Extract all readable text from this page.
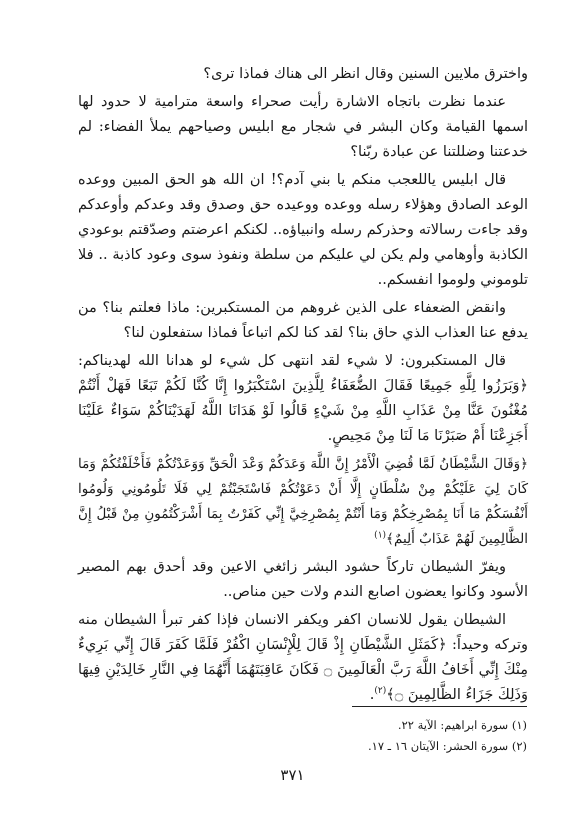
واخترق ملايين السنين وقال انظر الى هناك فماذا ترى؟

عندما نظرت باتجاه الاشارة رأيت صحراء واسعة مترامية لا حدود لها اسمها القيامة وكان البشر في شجار مع ابليس وصياحهم يملأ الفضاء: لم خدعتنا وضللتنا عن عبادة ربّنا؟

قال ابليس ياللعجب منكم يا بني آدم؟! ان الله هو الحق المبين ووعده الوعد الصادق وهؤلاء رسله ووعده ووعيده حق وصدق وقد وعدكم وأوعدكم وقد جاءت رسالاته وحذركم رسله وانبياؤه.. لكنكم اعرضتم وصدّقتم بوعودي الكاذبة وأوهامي ولم يكن لي عليكم من سلطة ونفوذ سوى وعود كاذبة .. فلا تلوموني ولوموا انفسكم..

وانقض الضعفاء على الذين غروهم من المستكبرين: ماذا فعلتم بنا؟ من يدفع عنا العذاب الذي حاق بنا؟ لقد كنا لكم اتباعاً فماذا ستفعلون لنا؟

قال المستكبرون: لا شيء لقد انتهى كل شيء لو هدانا الله لهديناكم: ﴿وَبَرَزُوا لِلَّهِ جَمِيعًا فَقَالَ الضُّعَفَاءُ لِلَّذِينَ اسْتَكْبَرُوا إِنَّا كُنَّا لَكُمْ تَبَعًا فَهَلْ أَنْتُمْ مُغْنُونَ عَنَّا مِنْ عَذَابِ اللَّهِ مِنْ شَيْءٍ قَالُوا لَوْ هَدَانَا اللَّهُ لَهَدَيْنَاكُمْ سَوَاءٌ عَلَيْنَا أَجَزِعْنَا أَمْ صَبَرْنَا مَا لَنَا مِنْ مَحِيصٍ.

﴿وَقَالَ الشَّيْطَانُ لَمَّا قُضِيَ الْأَمْرُ إِنَّ اللَّهَ وَعَدَكُمْ وَعْدَ الْحَقِّ وَوَعَدْتُكُمْ فَأَخْلَفْتُكُمْ وَمَا كَانَ لِيَ عَلَيْكُمْ مِنْ سُلْطَانٍ إِلَّا أَنْ دَعَوْتُكُمْ فَاسْتَجَبْتُمْ لِي فَلَا تَلُومُونِي وَلُومُوا أَنْفُسَكُمْ مَا أَنَا بِمُصْرِخِكُمْ وَمَا أَنْتُمْ بِمُصْرِخِيَّ إِنِّي كَفَرْتُ بِمَا أَشْرَكْتُمُونِ مِنْ قَبْلُ إِنَّ الظَّالِمِينَ لَهُمْ عَذَابٌ أَلِيمٌ﴾$^{(١)}$

ويفرّ الشيطان تاركاً حشود البشر زائغي الاعين وقد أحدق بهم المصير الأسود وكانوا يعضون اصابع الندم ولات حين مناص..

الشيطان يقول للانسان اكفر ويكفر الانسان فإذا كفر تبرأ الشيطان منه وتركه وحيداً: ﴿كَمَثَلِ الشَّيْطَانِ إِذْ قَالَ لِلْإِنْسَانِ اكْفُرْ فَلَمَّا كَفَرَ قَالَ إِنِّي بَرِيءٌ مِنْكَ إِنِّي أَخَافُ اللَّهَ رَبَّ الْعَالَمِينَ ۝ فَكَانَ عَاقِبَتَهُمَا أَنَّهُمَا فِي النَّارِ خَالِدَيْنِ فِيهَا وَذَلِكَ جَزَاءُ الظَّالِمِينَ ۝﴾$^{(٢)}$.

(١) سورة ابراهيم: الآية ٢٢.

(٢) سورة الحشر: الآيتان ١٦ ـ ١٧.

٣٧١
